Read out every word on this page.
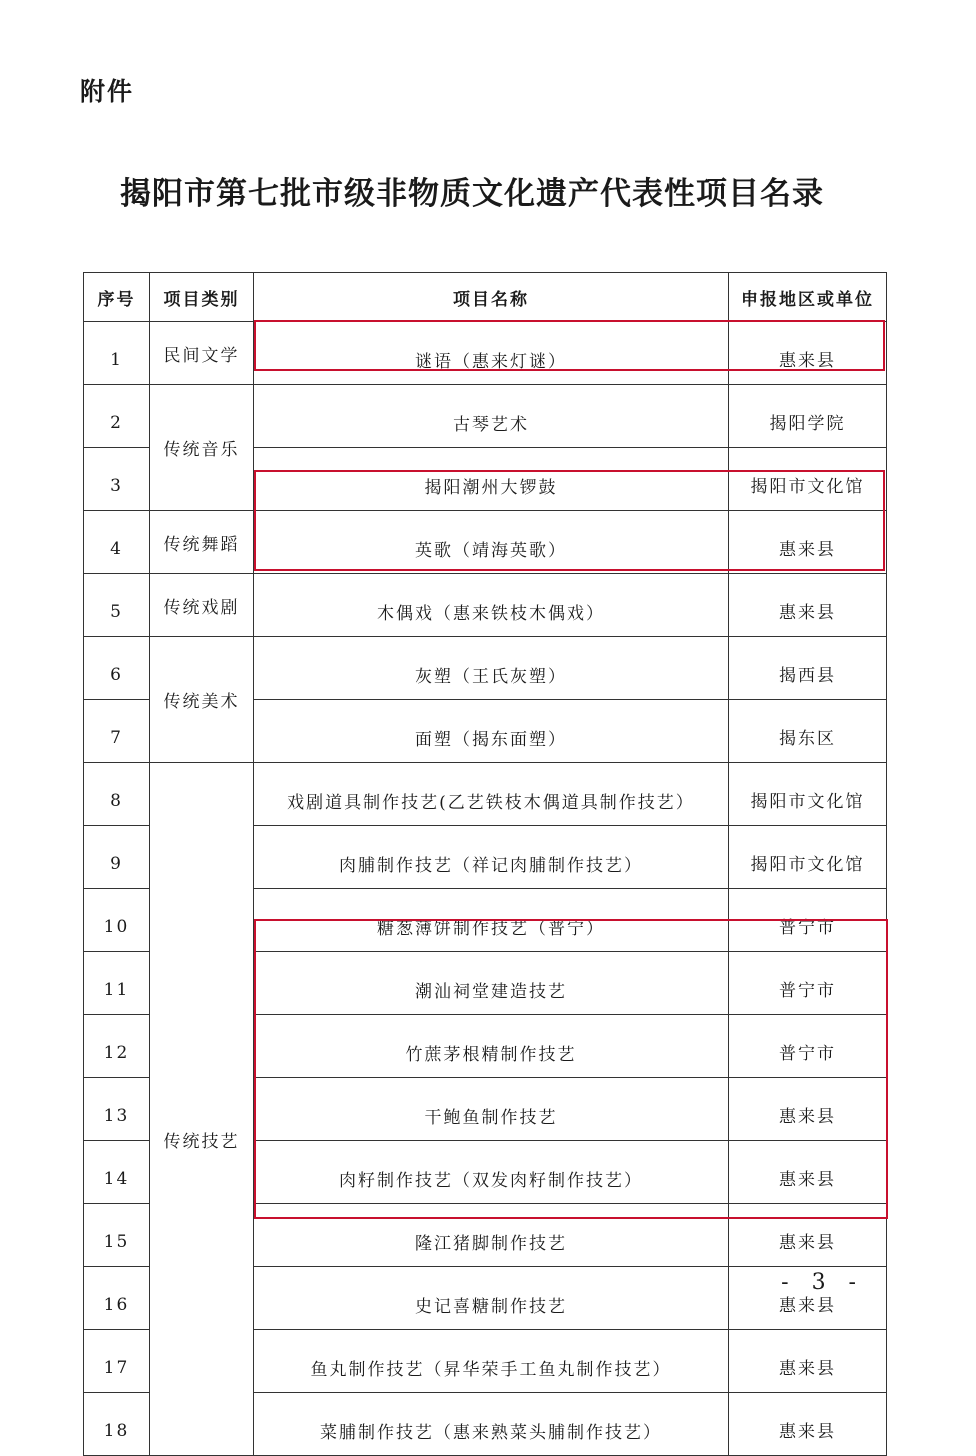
附件
揭阳市第七批市级非物质文化遗产代表性项目名录
序号	项目类别	项目名称	申报地区或单位
1	民间文学	谜语（惠来灯谜）	惠来县
2	传统音乐	古琴艺术	揭阳学院
3		揭阳潮州大锣鼓	揭阳市文化馆
4	传统舞蹈	英歌（靖海英歌）	惠来县
5	传统戏剧	木偶戏（惠来铁枝木偶戏）	惠来县
6	传统美术	灰塑（王氏灰塑）	揭西县
7		面塑（揭东面塑）	揭东区
8	传统技艺	戏剧道具制作技艺(乙艺铁枝木偶道具制作技艺）	揭阳市文化馆
9		肉脯制作技艺（祥记肉脯制作技艺）	揭阳市文化馆
10		糖葱薄饼制作技艺（普宁）	普宁市
11		潮汕祠堂建造技艺	普宁市
12		竹蔗茅根精制作技艺	普宁市
13		干鲍鱼制作技艺	惠来县
14		肉籽制作技艺（双发肉籽制作技艺）	惠来县
15		隆江猪脚制作技艺	惠来县
16		史记喜糖制作技艺	惠来县
17		鱼丸制作技艺（昇华荣手工鱼丸制作技艺）	惠来县
18		菜脯制作技艺（惠来熟菜头脯制作技艺）	惠来县
- 3 -
